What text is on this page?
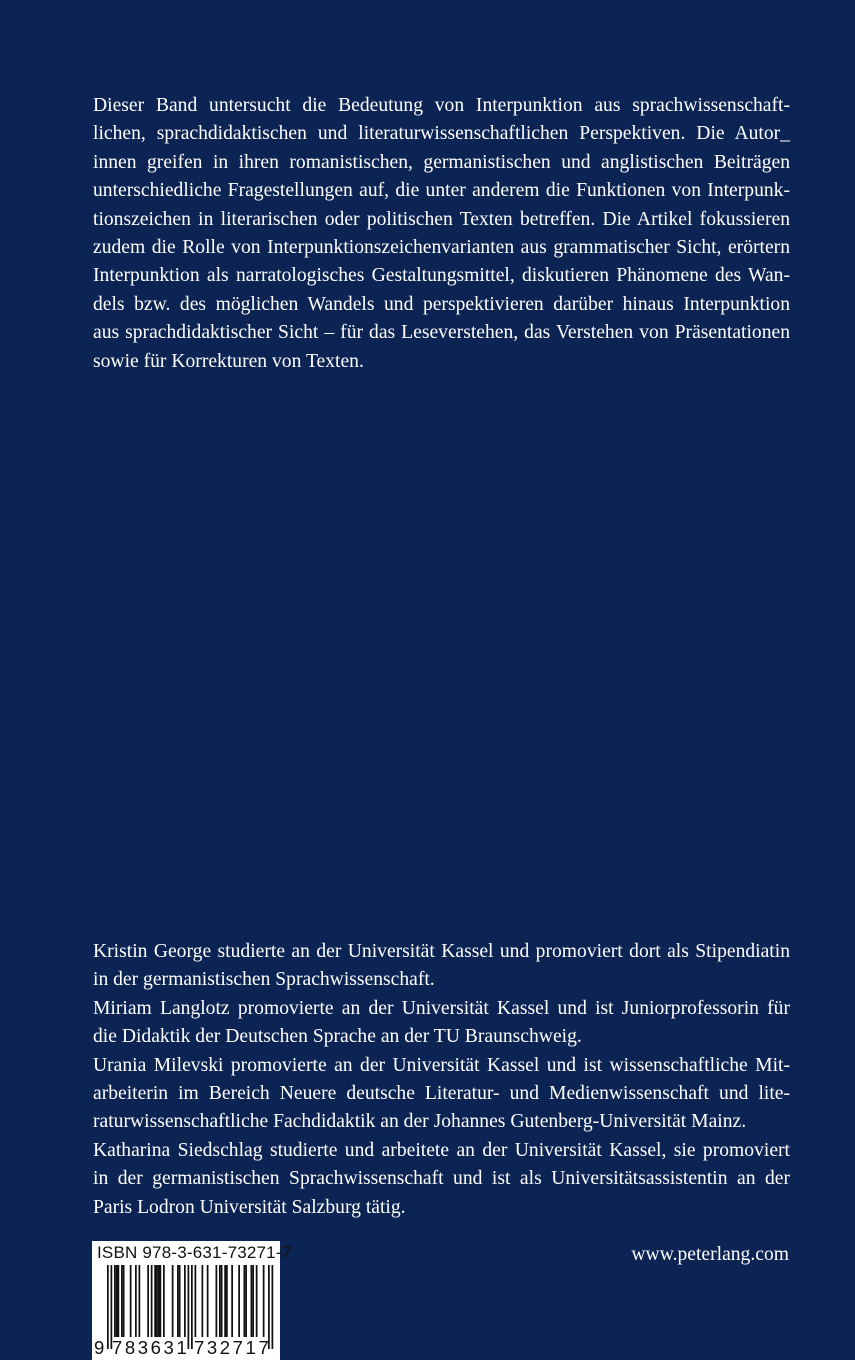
Dieser Band untersucht die Bedeutung von Interpunktion aus sprachwissenschaft-
lichen, sprachdidaktischen und literaturwissenschaftlichen Perspektiven. Die Autor_
innen greifen in ihren romanistischen, germanistischen und anglistischen Beiträgen
unterschiedliche Fragestellungen auf, die unter anderem die Funktionen von Interpunk-
tionszeichen in literarischen oder politischen Texten betreffen. Die Artikel fokussieren
zudem die Rolle von Interpunktionszeichenvarianten aus grammatischer Sicht, erörtern
Interpunktion als narratologisches Gestaltungsmittel, diskutieren Phänomene des Wan-
dels bzw. des möglichen Wandels und perspektivieren darüber hinaus Interpunktion
aus sprachdidaktischer Sicht – für das Leseverstehen, das Verstehen von Präsentationen
sowie für Korrekturen von Texten.
Kristin George studierte an der Universität Kassel und promoviert dort als Stipendiatin
in der germanistischen Sprachwissenschaft.
Miriam Langlotz promovierte an der Universität Kassel und ist Juniorprofessorin für
die Didaktik der Deutschen Sprache an der TU Braunschweig.
Urania Milevski promovierte an der Universität Kassel und ist wissenschaftliche Mit-
arbeiterin im Bereich Neuere deutsche Literatur- und Medienwissenschaft und lite-
raturwissenschaftliche Fachdidaktik an der Johannes Gutenberg-Universität Mainz.
Katharina Siedschlag studierte und arbeitete an der Universität Kassel, sie promoviert
in der germanistischen Sprachwissenschaft und ist als Universitätsassistentin an der
Paris Lodron Universität Salzburg tätig.
ISBN 978-3-631-73271-7
9 783631 732717
www.peterlang.com
